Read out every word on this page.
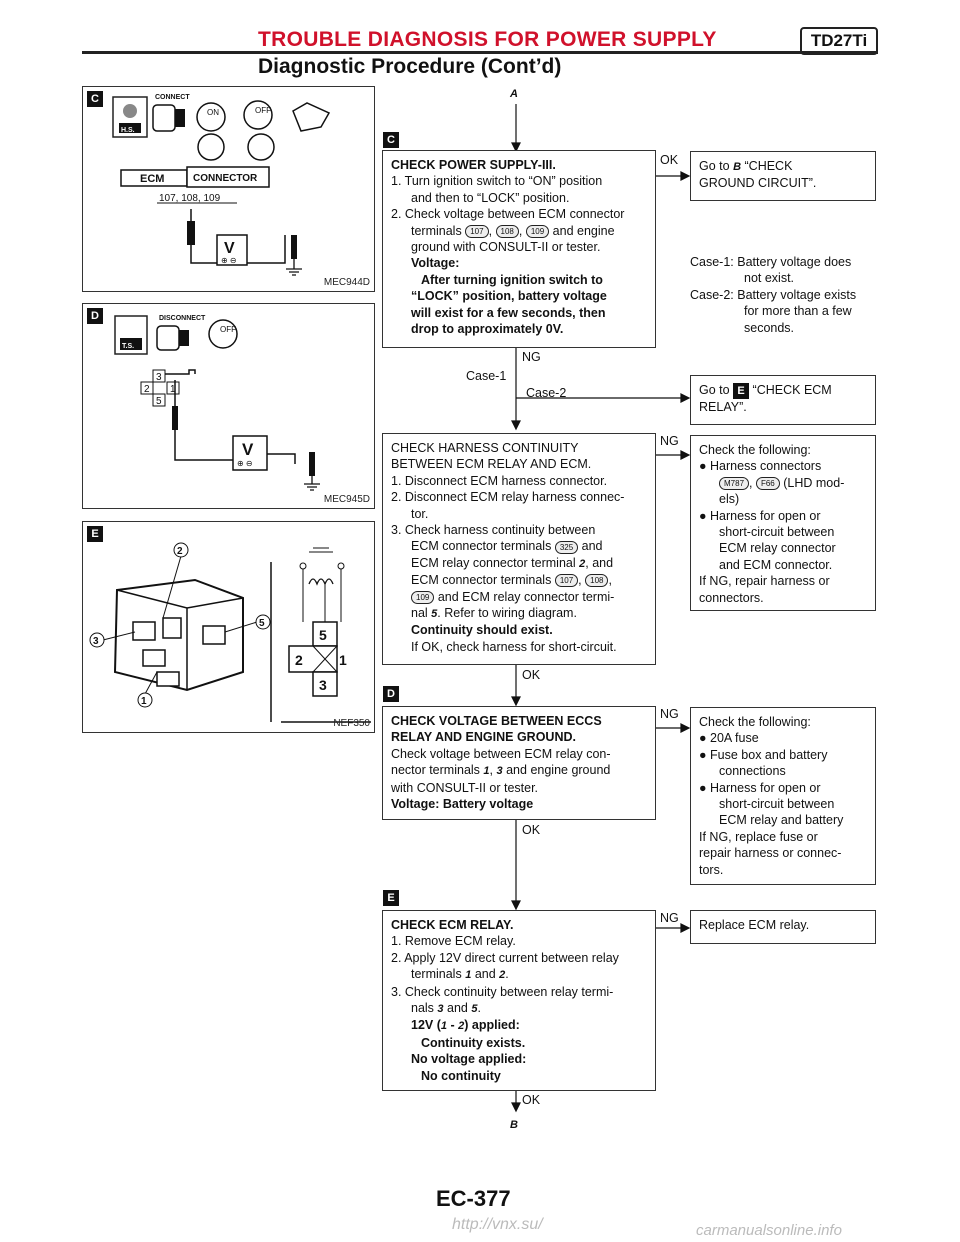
TROUBLE DIAGNOSIS FOR POWER SUPPLY	TD27Ti
Diagnostic Procedure (Cont’d)
C
H.S.
CONNECT
ON	OFF
ECM	CONNECTOR
107, 108, 109
V
⊕ ⊖
MEC944D
D
T.S.
DISCONNECT
OFF
3
2 1
5
V
⊕ ⊖
MEC945D
E
2
5
3
1
5
2	1
3
NEF350
A
C
CHECK POWER SUPPLY-III.
1. Turn ignition switch to “ON” position
and then to “LOCK” position.
2. Check voltage between ECM connector
terminals 107 , 108 , 109 and engine
ground with CONSULT-II or tester.
Voltage:
After turning ignition switch to
“LOCK” position, battery voltage
will exist for a few seconds, then
drop to approximately 0V.
OK Go to B “CHECK
GROUND CIRCUIT”.
Case-1: Battery voltage does
not exist.
Case-2: Battery voltage exists
for more than a few
seconds.
NG
Case-1
Case-2	Go to E “CHECK ECM
RELAY”.
CHECK HARNESS CONTINUITY
BETWEEN ECM RELAY AND ECM.
1. Disconnect ECM harness connector.
2. Disconnect ECM relay harness connec-
tor.
3. Check harness continuity between
ECM connector terminals 325 and
ECM relay connector terminal 2, and
ECM connector terminals 107 , 108 ,
109 and ECM relay connector termi-
nal 5. Refer to wiring diagram.
Continuity should exist.
If OK, check harness for short-circuit.
NG
Check the following:
● Harness connectors
M787 , F66 (LHD mod-
els)
● Harness for open or
short-circuit between
ECM relay connector
and ECM connector.
If NG, repair harness or
connectors.
OK
D
CHECK VOLTAGE BETWEEN ECCS
RELAY AND ENGINE GROUND.
Check voltage between ECM relay con-
nector terminals 1, 3 and engine ground
with CONSULT-II or tester.
Voltage: Battery voltage
NG
Check the following:
● 20A fuse
● Fuse box and battery
connections
● Harness for open or
short-circuit between
ECM relay and battery
If NG, replace fuse or
repair harness or connec-
tors.
OK
E
CHECK ECM RELAY.
1. Remove ECM relay.
2. Apply 12V direct current between relay
terminals 1 and 2.
3. Check continuity between relay termi-
nals 3 and 5.
12V (1 - 2) applied:
Continuity exists.
No voltage applied:
No continuity
NG Replace ECM relay.
OK
B
EC-377
http://vnx.su/	carmanualsonline.info
